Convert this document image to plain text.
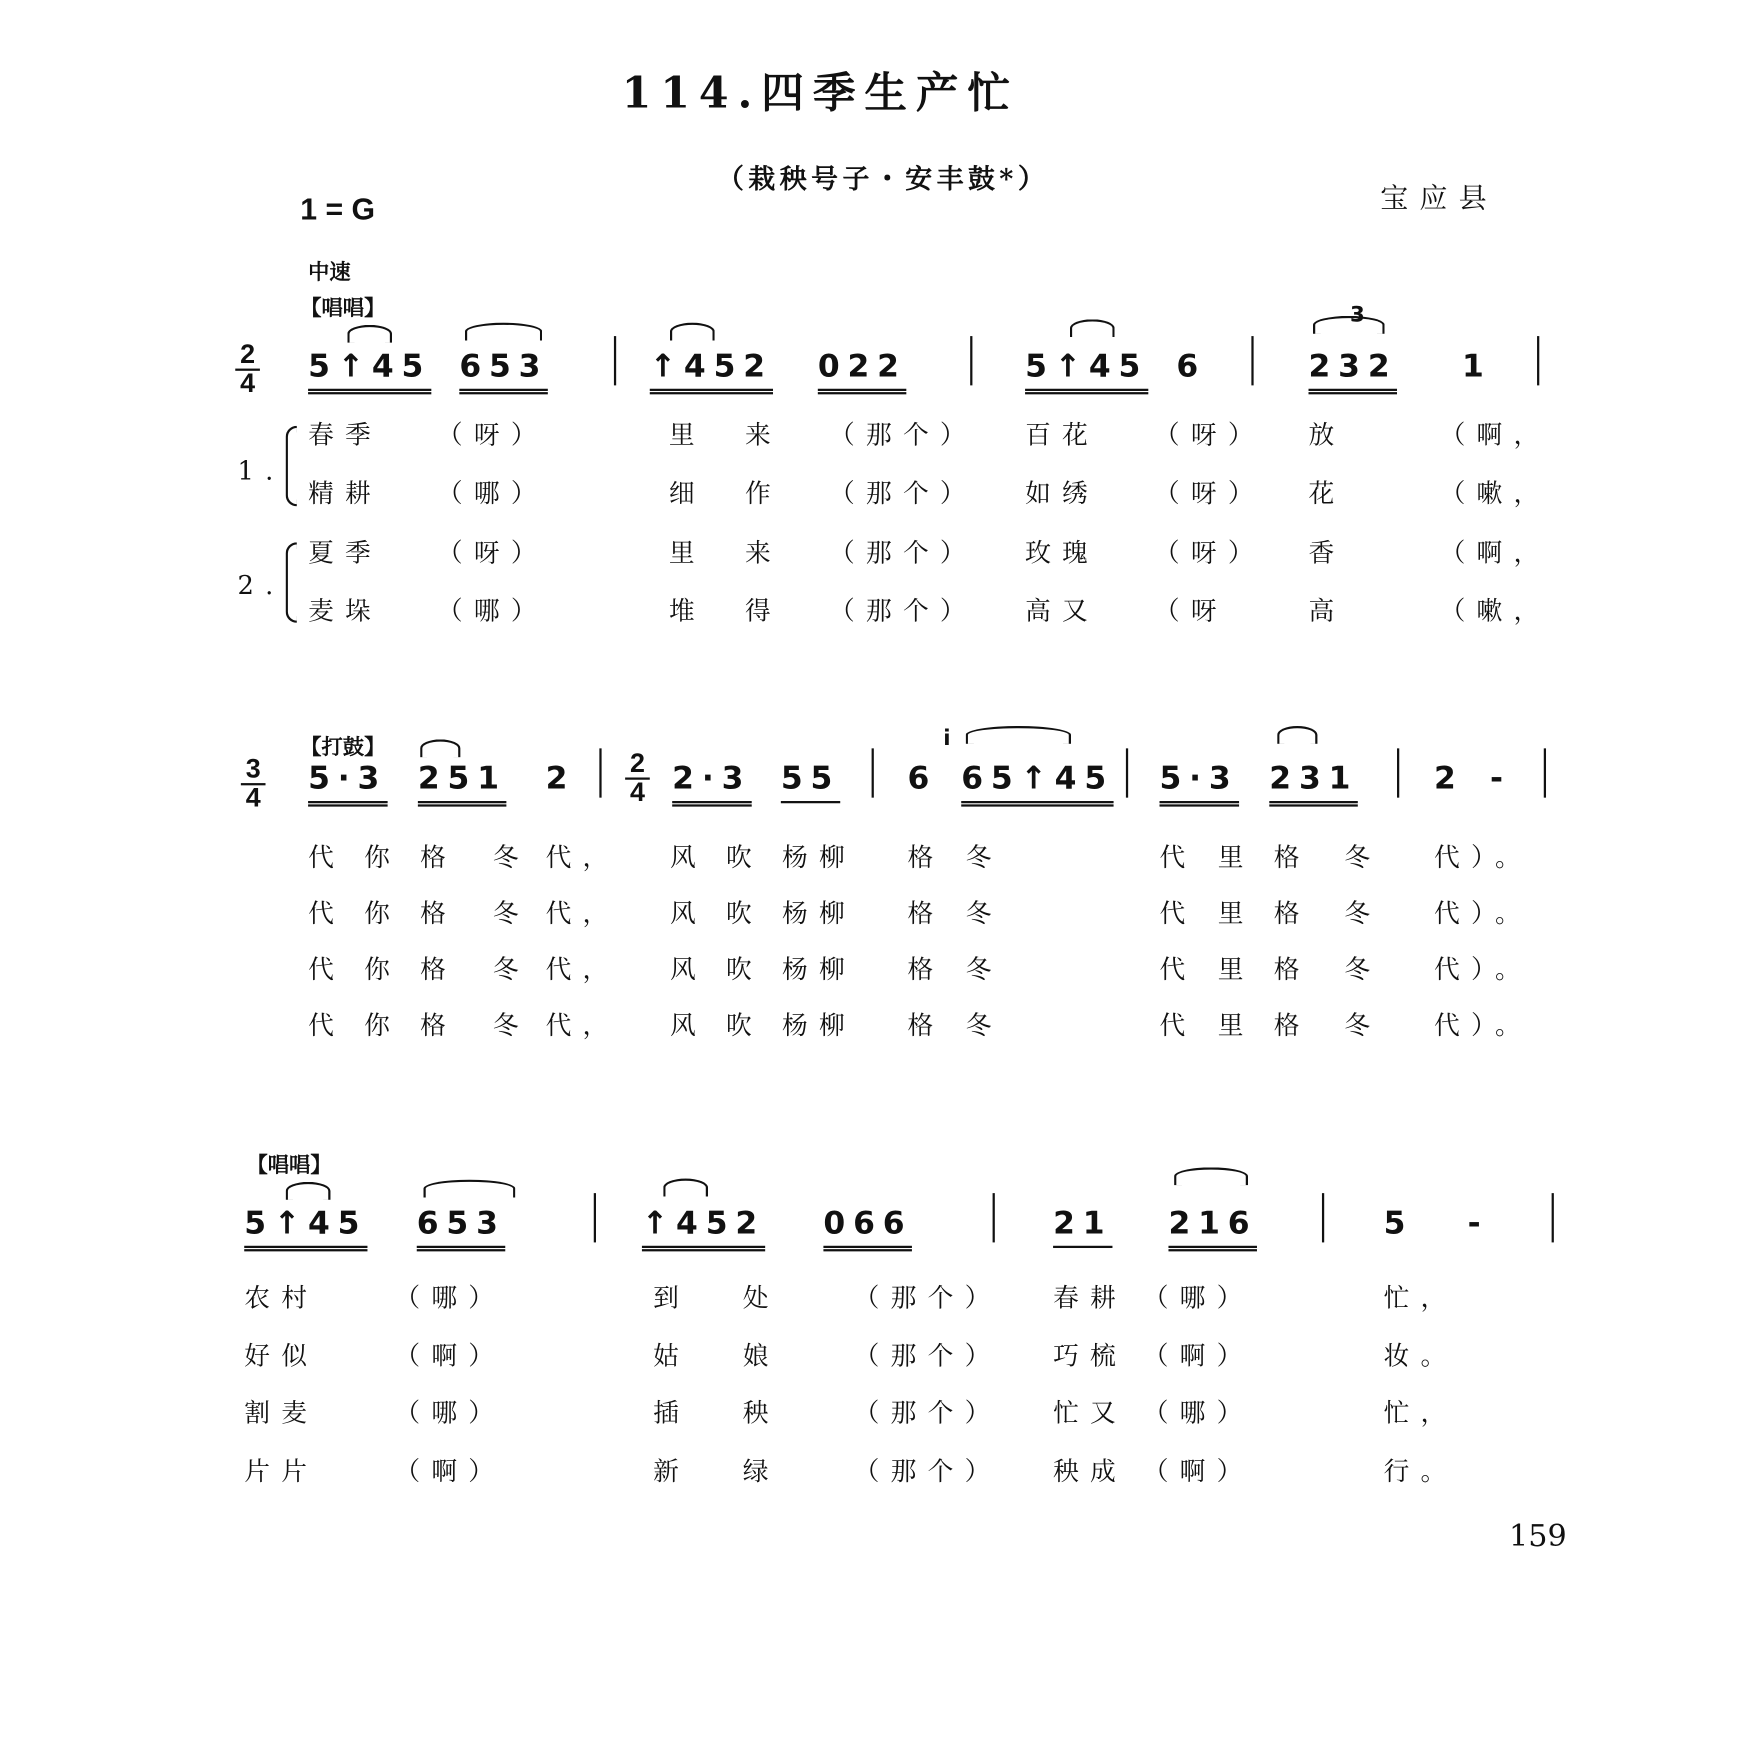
114.四季生产忙
（栽秧号子・安丰鼓*）
宝应县
1 = G
中速
159
【唱唱】
$\frac{2}{4}$ 5↑45 653	↑452 022	5↑45 6	232 1
3
1.
2.
春季 （呀）	里 来 （那个） 百花 （呀） 放	（啊，
精耕 （哪）	细 作 （那个） 如绣 （呀） 花	（嗽，
夏季 （呀）	里 来 （那个） 玫瑰 （呀） 香	（啊，
麦垛 （哪）	堆 得 （那个） 高又 （呀	高	（嗽，
【打鼓】
$\frac{3}{4}$	$\frac{2}{4}$
5·3 251 2	2·3 55 6 65↑45 5·3 231	2 -
i
代 你 格 冬 代， 风 吹 杨柳 格 冬	代 里 格 冬 代）。
代 你 格 冬 代， 风 吹 杨柳 格 冬	代 里 格 冬 代）。
代 你 格 冬 代， 风 吹 杨柳 格 冬	代 里 格 冬 代）。
代 你 格 冬 代， 风 吹 杨柳 格 冬	代 里 格 冬 代）。
【唱唱】
5↑45 653	↑452 066	21 216	5 -
农村	（哪）	到 处	（那个） 春耕 （哪）	忙，
好似	（啊）	姑 娘	（那个） 巧梳 （啊）	妆。
割麦	（哪）	插 秧	（那个） 忙又 （哪）	忙，
片片	（啊）	新 绿	（那个） 秧成 （啊）	行。
